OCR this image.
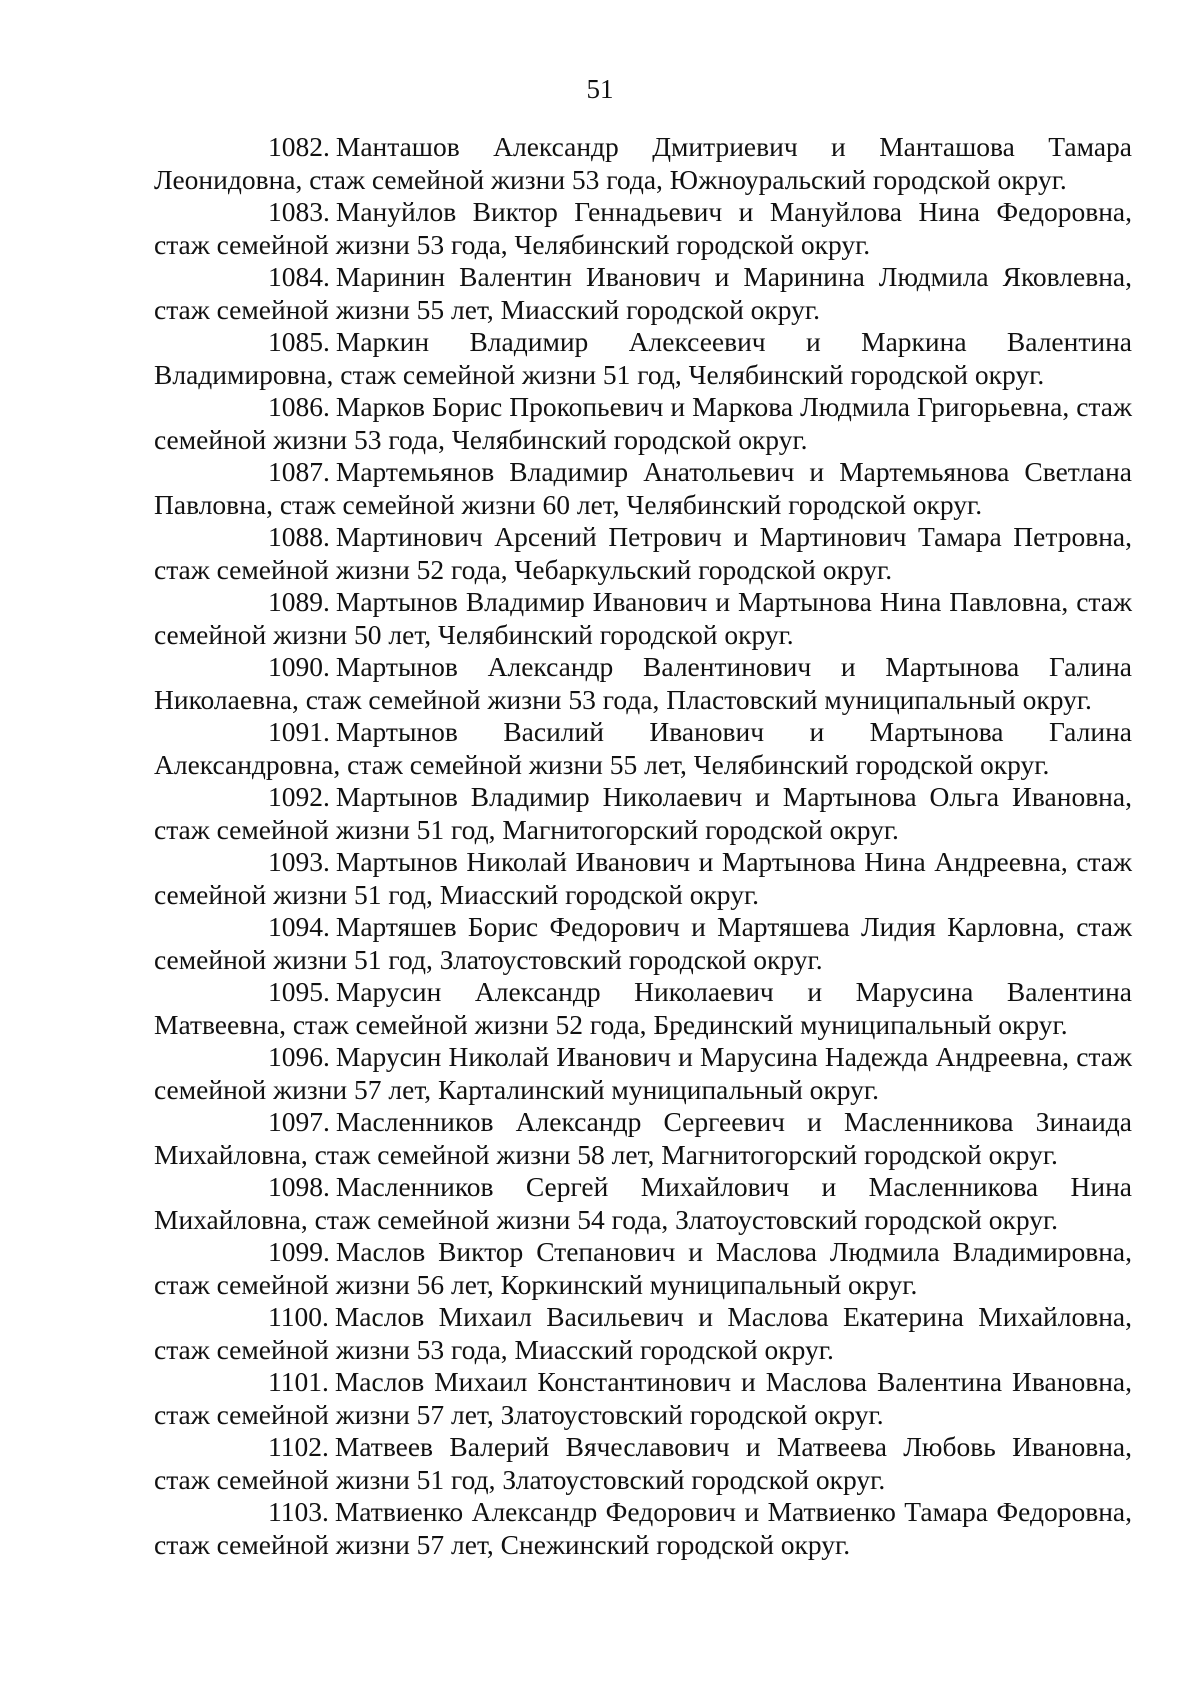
51

1082. Манташов Александр Дмитриевич и Манташова Тамара Леонидовна, стаж семейной жизни 53 года, Южноуральский городской округ.

1083. Мануйлов Виктор Геннадьевич и Мануйлова Нина Федоровна, стаж семейной жизни 53 года, Челябинский городской округ.

1084. Маринин Валентин Иванович и Маринина Людмила Яковлевна, стаж семейной жизни 55 лет, Миасский городской округ.

1085. Маркин Владимир Алексеевич и Маркина Валентина Владимировна, стаж семейной жизни 51 год, Челябинский городской округ.

1086. Марков Борис Прокопьевич и Маркова Людмила Григорьевна, стаж семейной жизни 53 года, Челябинский городской округ.

1087. Мартемьянов Владимир Анатольевич и Мартемьянова Светлана Павловна, стаж семейной жизни 60 лет, Челябинский городской округ.

1088. Мартинович Арсений Петрович и Мартинович Тамара Петровна, стаж семейной жизни 52 года, Чебаркульский городской округ.

1089. Мартынов Владимир Иванович и Мартынова Нина Павловна, стаж семейной жизни 50 лет, Челябинский городской округ.

1090. Мартынов Александр Валентинович и Мартынова Галина Николаевна, стаж семейной жизни 53 года, Пластовский муниципальный округ.

1091. Мартынов Василий Иванович и Мартынова Галина Александровна, стаж семейной жизни 55 лет, Челябинский городской округ.

1092. Мартынов Владимир Николаевич и Мартынова Ольга Ивановна, стаж семейной жизни 51 год, Магнитогорский городской округ.

1093. Мартынов Николай Иванович и Мартынова Нина Андреевна, стаж семейной жизни 51 год, Миасский городской округ.

1094. Мартяшев Борис Федорович и Мартяшева Лидия Карловна, стаж семейной жизни 51 год, Златоустовский городской округ.

1095. Марусин Александр Николаевич и Марусина Валентина Матвеевна, стаж семейной жизни 52 года, Брединский муниципальный округ.

1096. Марусин Николай Иванович и Марусина Надежда Андреевна, стаж семейной жизни 57 лет, Карталинский муниципальный округ.

1097. Масленников Александр Сергеевич и Масленникова Зинаида Михайловна, стаж семейной жизни 58 лет, Магнитогорский городской округ.

1098. Масленников Сергей Михайлович и Масленникова Нина Михайловна, стаж семейной жизни 54 года, Златоустовский городской округ.

1099. Маслов Виктор Степанович и Маслова Людмила Владимировна, стаж семейной жизни 56 лет, Коркинский муниципальный округ.

1100. Маслов Михаил Васильевич и Маслова Екатерина Михайловна, стаж семейной жизни 53 года, Миасский городской округ.

1101. Маслов Михаил Константинович и Маслова Валентина Ивановна, стаж семейной жизни 57 лет, Златоустовский городской округ.

1102. Матвеев Валерий Вячеславович и Матвеева Любовь Ивановна, стаж семейной жизни 51 год, Златоустовский городской округ.

1103. Матвиенко Александр Федорович и Матвиенко Тамара Федоровна, стаж семейной жизни 57 лет, Снежинский городской округ.
